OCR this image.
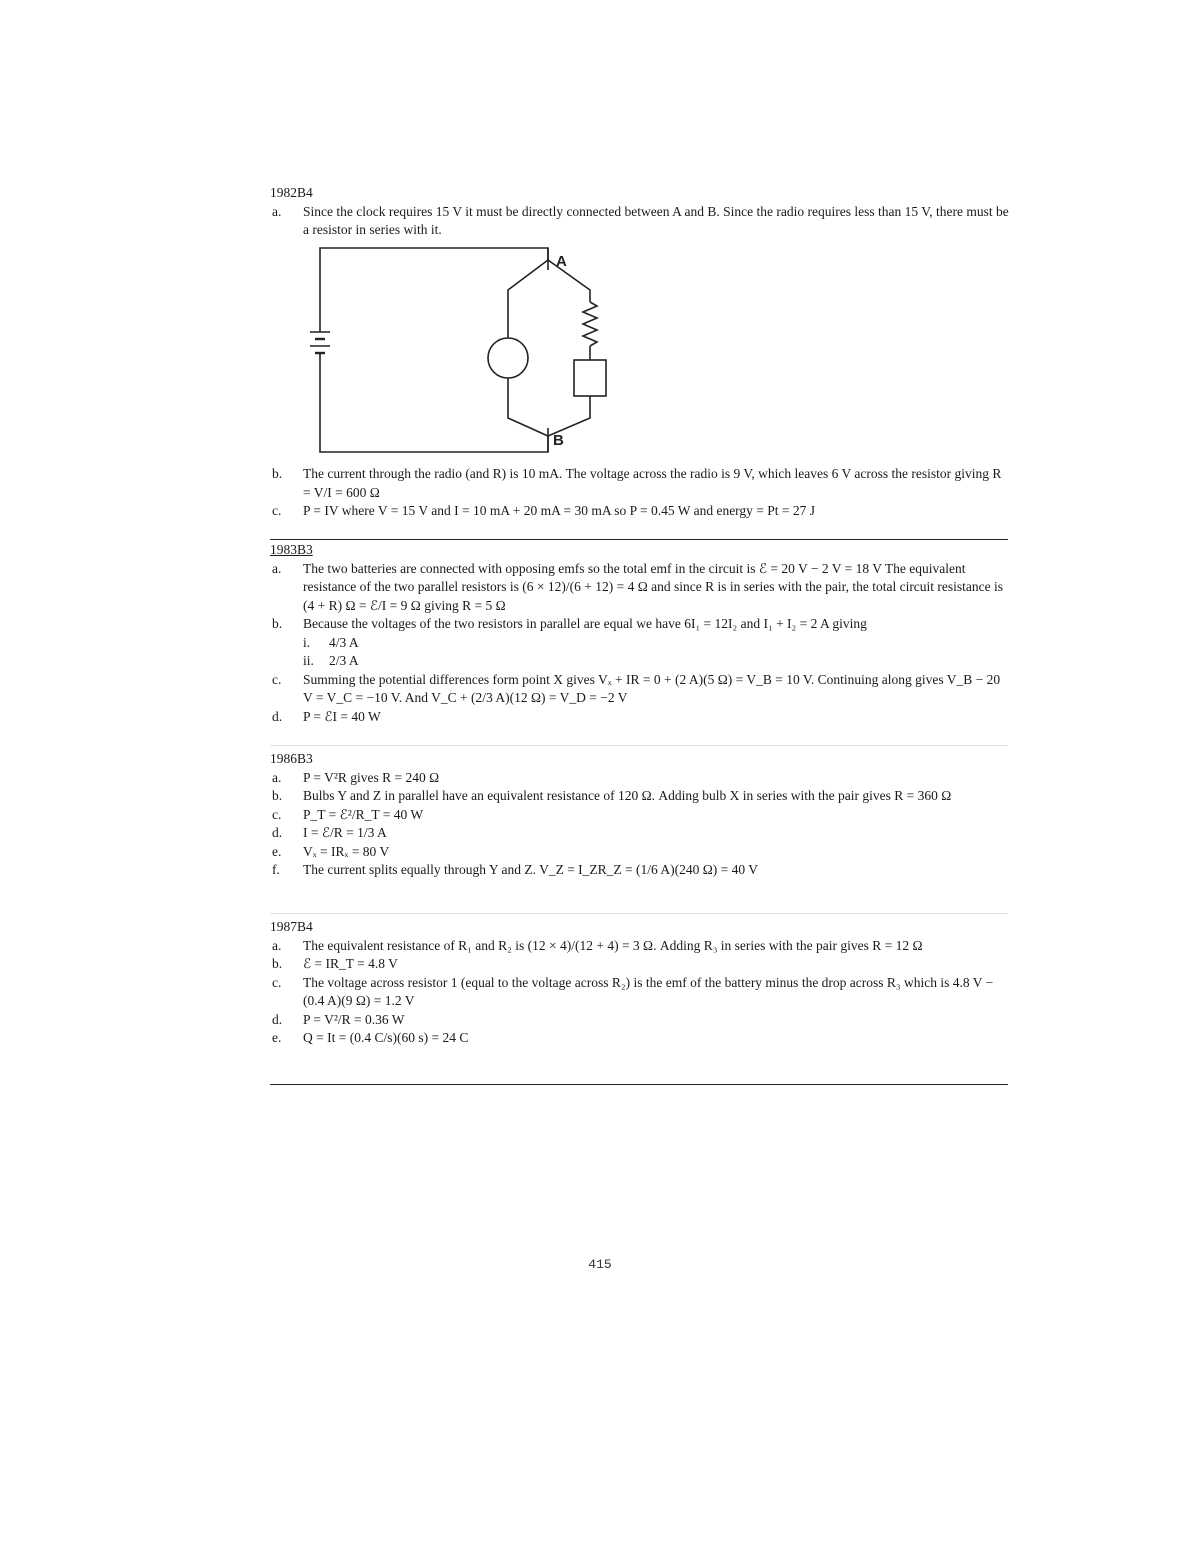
1982B4

a.	Since the clock requires 15 V it must be directly connected between A and B. Since the radio requires less than 15 V, there must be a resistor in series with it.
A
B
b.	The current through the radio (and R) is 10 mA. The voltage across the radio is 9 V, which leaves 6 V across the resistor giving R = V/I = 600 Ω
c.	P = IV where V = 15 V and I = 10 mA + 20 mA = 30 mA so P = 0.45 W and energy = Pt = 27 J

1983B3

a.	The two batteries are connected with opposing emfs so the total emf in the circuit is ℰ = 20 V − 2 V = 18 V The equivalent resistance of the two parallel resistors is (6 × 12)/(6 + 12) = 4 Ω and since R is in series with the pair, the total circuit resistance is (4 + R) Ω = ℰ/I = 9 Ω giving R = 5 Ω
b.	Because the voltages of the two resistors in parallel are equal we have 6I₁ = 12I₂ and I₁ + I₂ = 2 A giving
i.	4/3 A
ii.	2/3 A
c.	Summing the potential differences form point X gives Vₓ + IR = 0 + (2 A)(5 Ω) = V_B = 10 V. Continuing along gives V_B − 20 V = V_C = −10 V. And V_C + (2/3 A)(12 Ω) = V_D = −2 V
d.	P = ℰI = 40 W

1986B3

a.	P = V²R gives R = 240 Ω
b.	Bulbs Y and Z in parallel have an equivalent resistance of 120 Ω. Adding bulb X in series with the pair gives R = 360 Ω
c.	P_T = ℰ²/R_T = 40 W
d.	I = ℰ/R = 1/3 A
e.	Vₓ = IRₓ = 80 V
f.	The current splits equally through Y and Z. V_Z = I_ZR_Z = (1/6 A)(240 Ω) = 40 V

1987B4

a.	The equivalent resistance of R₁ and R₂ is (12 × 4)/(12 + 4) = 3 Ω. Adding R₃ in series with the pair gives R = 12 Ω
b.	ℰ = IR_T = 4.8 V
c.	The voltage across resistor 1 (equal to the voltage across R₂) is the emf of the battery minus the drop across R₃ which is 4.8 V − (0.4 A)(9 Ω) = 1.2 V
d.	P = V²/R = 0.36 W
e.	Q = It = (0.4 C/s)(60 s) = 24 C
415
